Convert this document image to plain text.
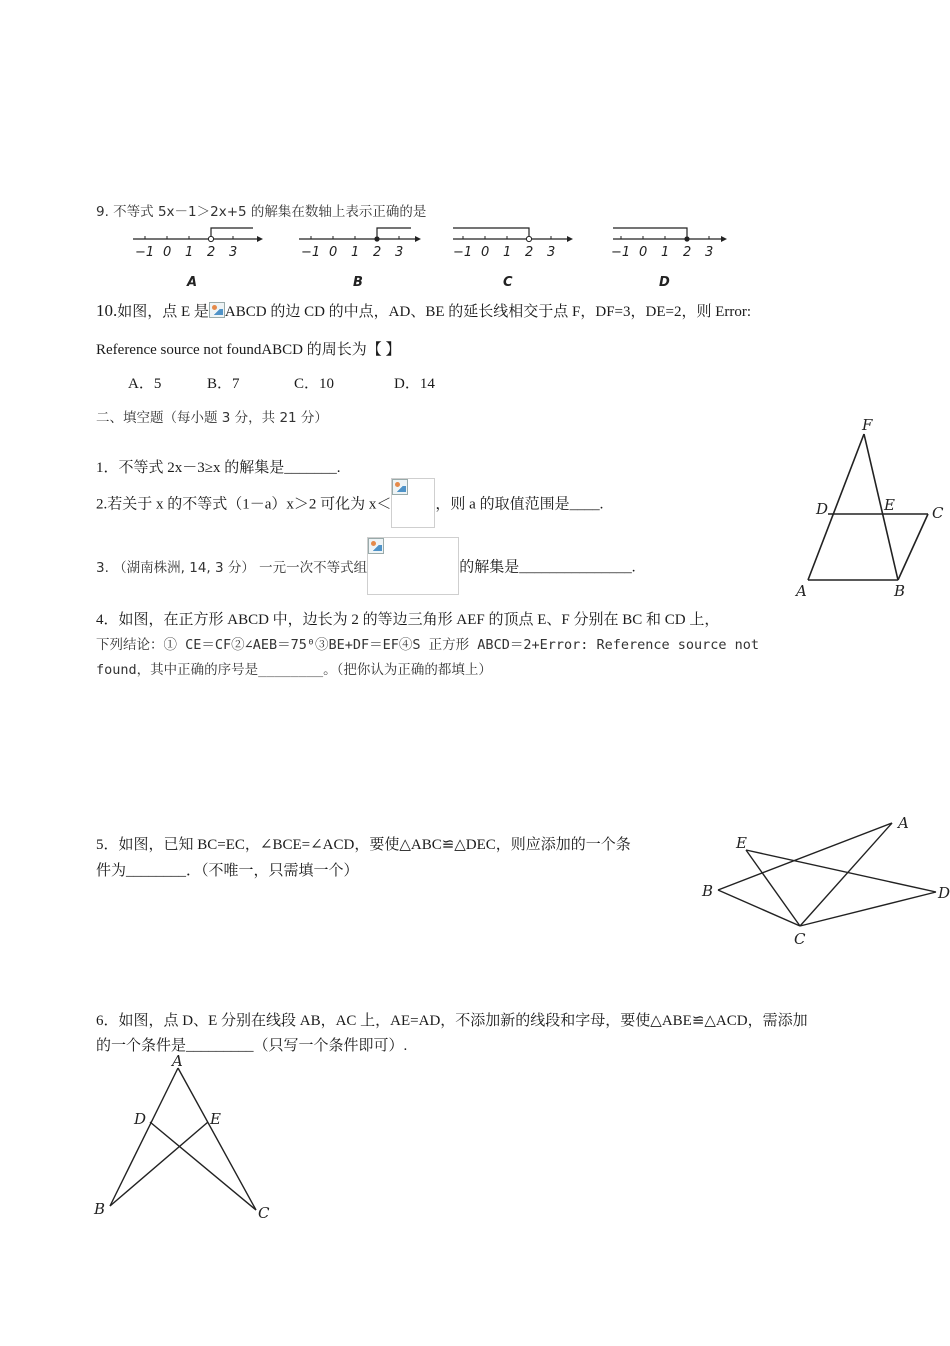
9. 不等式 5x－1＞2x+5 的解集在数轴上表示正确的是
−1 0 1 2 3
A
−1 0 1 2 3
B
−1 0 1 2 3
C
−1 0 1 2 3
D
10.如图，点 E 是 ABCD 的边 CD 的中点，AD、BE 的延长线相交于点 F，DF=3，DE=2，则 Error:
Reference source not foundABCD 的周长为【 】
A．5	B．7	C．10	D．14
二、填空题（每小题 3 分，共 21 分）	F
D	E C
A	B
1．不等式 2x－3≥x 的解集是_______.
2.若关于 x 的不等式（1－a）x＞2 可化为 x＜	，则 a 的取值范围是____.
3. （湖南株洲, 14, 3 分） 一元一次不等式组	的解集是_______________.
4．如图，在正方形 ABCD 中，边长为 2 的等边三角形 AEF 的顶点 E、F 分别在 BC 和 CD 上，
下列结论：① CE＝CF②∠AEB＝75⁰③BE+DF＝EF④S 正方形 ABCD＝2+Error: Reference source not
found，其中正确的序号是________。（把你认为正确的都填上）
5．如图，已知 BC=EC，∠BCE=∠ACD，要使△ABC≌△DEC，则应添加的一个条
件为________．（不唯一，只需填一个）
A
E
B	D
C
6．如图，点 D、E 分别在线段 AB，AC 上，AE=AD，不添加新的线段和字母，要使△ABE≌△ACD，需添加
的一个条件是_________（只写一个条件即可）.
A
D	E
B	C
